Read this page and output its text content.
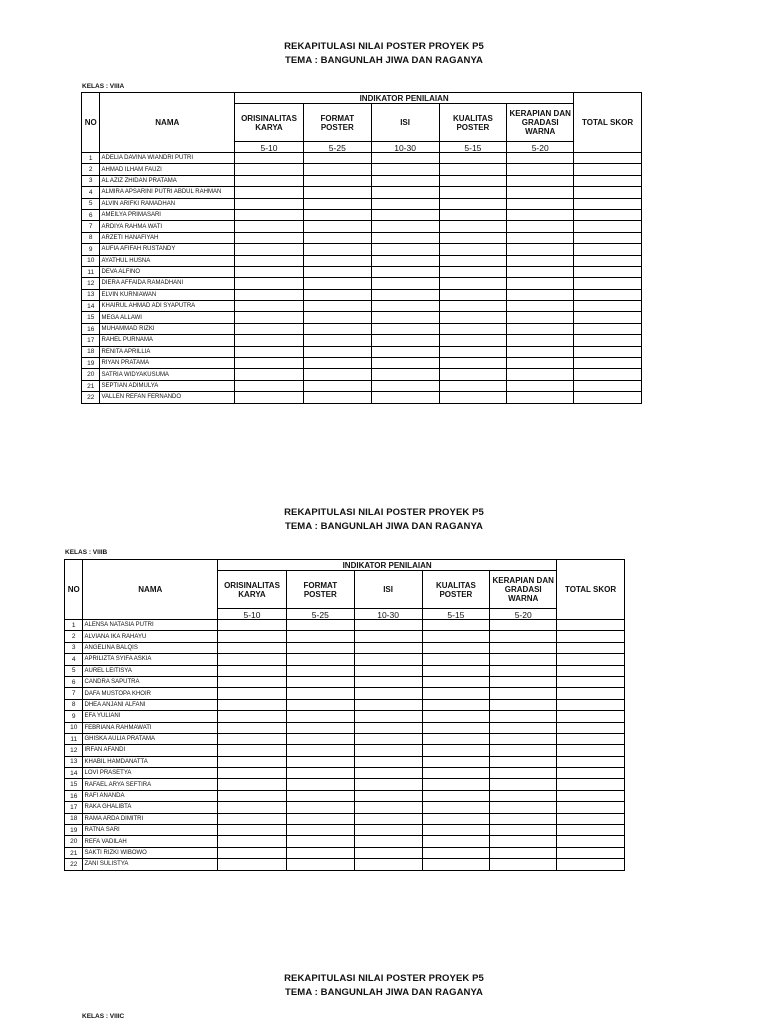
REKAPITULASI NILAI POSTER PROYEK P5
TEMA : BANGUNLAH JIWA DAN RAGANYA
KELAS : VIIIA
NO	NAMA	INDIKATOR PENILAIAN					TOTAL SKOR
		ORISINALITAS KARYA	FORMAT POSTER	ISI	KUALITAS POSTER	KERAPIAN DAN GRADASI WARNA	
		5-10	5-25	10-30	5-15	5-20	
1	ADELIA DAVINA WIANDRI PUTRI						
2	AHMAD ILHAM FAUZI						
3	AL AZIZ ZHIDAN PRATAMA						
4	ALMIRA APSARINI PUTRI ABDUL RAHMAN						
5	ALVIN ARIFKI RAMADHAN						
6	AMEILYA PRIMASARI						
7	ARDIYA RAHMA WATI						
8	ARZETI HANAFIYAH						
9	AUFIA AFIFAH RUSTANDY						
10	AYATHUL HUSNA						
11	DEVA ALFINO						
12	DIERA AFFAIDA RAMADHANI						
13	ELVIN KURNIAWAN						
14	KHAIRUL AHMAD ADI SYAPUTRA						
15	MEGA ALLAWI						
16	MUHAMMAD RIZKI						
17	RAHEL PURNAMA						
18	RENITA APRILLIA						
19	RIYAN PRATAMA						
20	SATRIA WIDYAKUSUMA						
21	SEPTIAN ADIMULYA						
22	VALLEN REFAN FERNANDO						
REKAPITULASI NILAI POSTER PROYEK P5
TEMA : BANGUNLAH JIWA DAN RAGANYA
KELAS : VIIIB
NO	NAMA	INDIKATOR PENILAIAN					TOTAL SKOR
		ORISINALITAS KARYA	FORMAT POSTER	ISI	KUALITAS POSTER	KERAPIAN DAN GRADASI WARNA	
		5-10	5-25	10-30	5-15	5-20	
1	ALENSA NATASIA PUTRI						
2	ALVIANA IKA RAHAYU						
3	ANGELINA BALQIS						
4	APRILIZTA SYIFA ASKIA						
5	AUREL LEITISYA						
6	CANDRA SAPUTRA						
7	DAFA MUSTOPA KHOIR						
8	DHEA ANJANI ALFANI						
9	EFA YULIANI						
10	FEBRIANA RAHMAWATI						
11	GHISKA AULIA PRATAMA						
12	IRFAN AFANDI						
13	KHABIL HAMDANATTA						
14	LOVI PRASETYA						
15	RAFAEL ARYA SEFTIRA						
16	RAFI ANANDA						
17	RAKA GHALIBTA						
18	RAMA ARDA DIMITRI						
19	RATNA SARI						
20	REFA VADILAH						
21	SAKTI RIZKI WIBOWO						
22	ZANI SULISTYA						
REKAPITULASI NILAI POSTER PROYEK P5
TEMA : BANGUNLAH JIWA DAN RAGANYA
KELAS : VIIIC
